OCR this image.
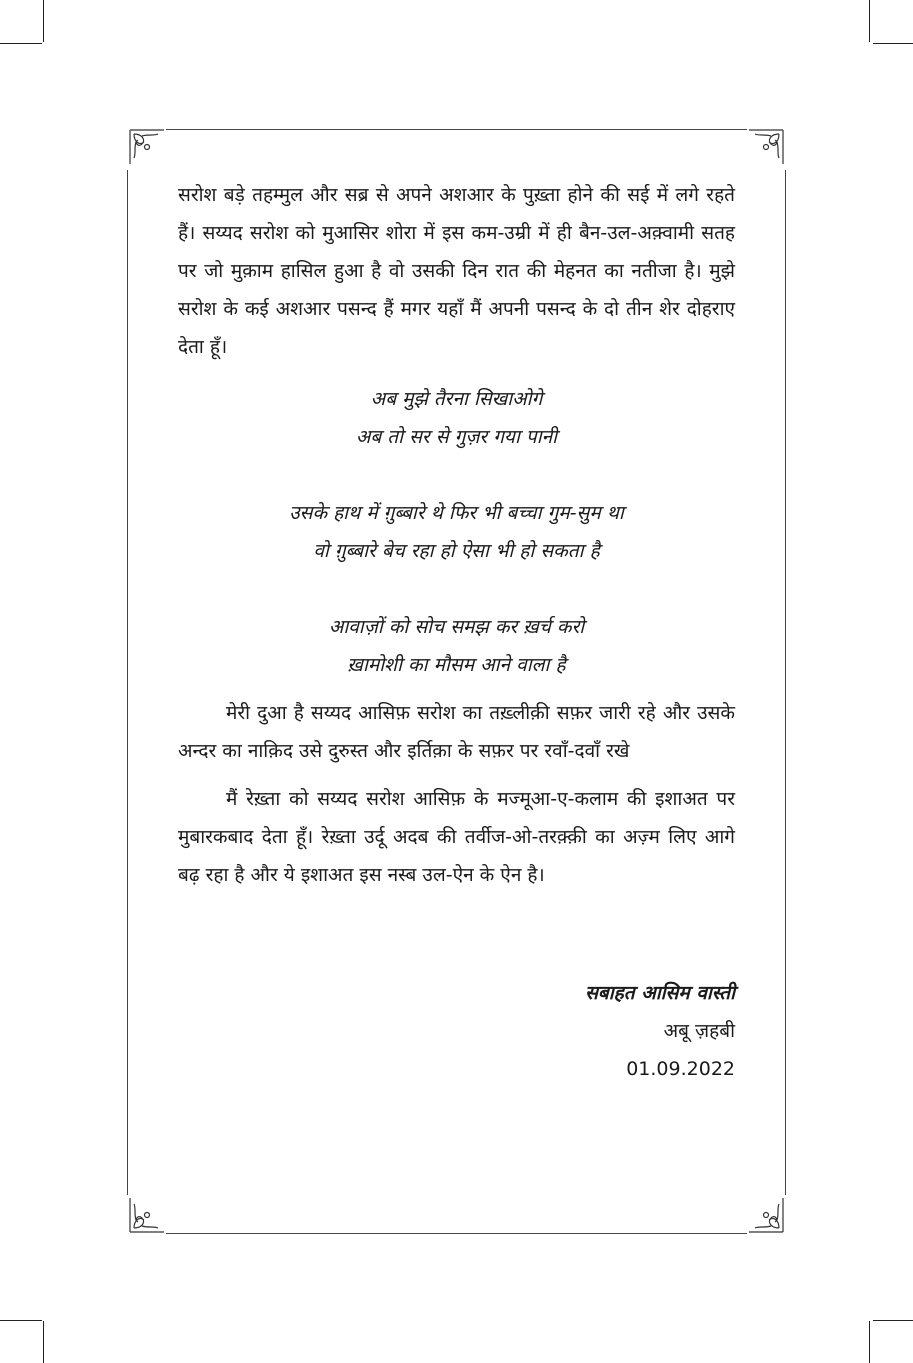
सरोश बड़े तहम्मुल और सब्र से अपने अशआर के पुख़्ता होने की सई में लगे रहते हैं। सय्यद सरोश को मुआसिर शोरा में इस कम-उम्री में ही बैन-उल-अक़्वामी सतह पर जो मुक़ाम हासिल हुआ है वो उसकी दिन रात की मेहनत का नतीजा है। मुझे सरोश के कई अशआर पसन्द हैं मगर यहाँ मैं अपनी पसन्द के दो तीन शेर दोहराए देता हूँ।

अब मुझे तैरना सिखाओगे

अब तो सर से गुज़र गया पानी

उसके हाथ में ग़ुब्बारे थे फिर भी बच्चा गुम-सुम था

वो ग़ुब्बारे बेच रहा हो ऐसा भी हो सकता है

आवाज़ों को सोच समझ कर ख़र्च करो

ख़ामोशी का मौसम आने वाला है

मेरी दुआ है सय्यद आसिफ़ सरोश का तख़्लीक़ी सफ़र जारी रहे और उसके अन्दर का नाक़िद उसे दुरुस्त और इर्तिक़ा के सफ़र पर रवाँ-दवाँ रखे

मैं रेख़्ता को सय्यद सरोश आसिफ़ के मज्मूआ-ए-कलाम की इशाअत पर मुबारकबाद देता हूँ। रेख़्ता उर्दू अदब की तर्वीज-ओ-तरक़्क़ी का अज़्म लिए आगे बढ़ रहा है और ये इशाअत इस नस्ब उल-ऐन के ऐन है।

सबाहत आसिम वास्ती
अबू ज़हबी
01.09.2022
